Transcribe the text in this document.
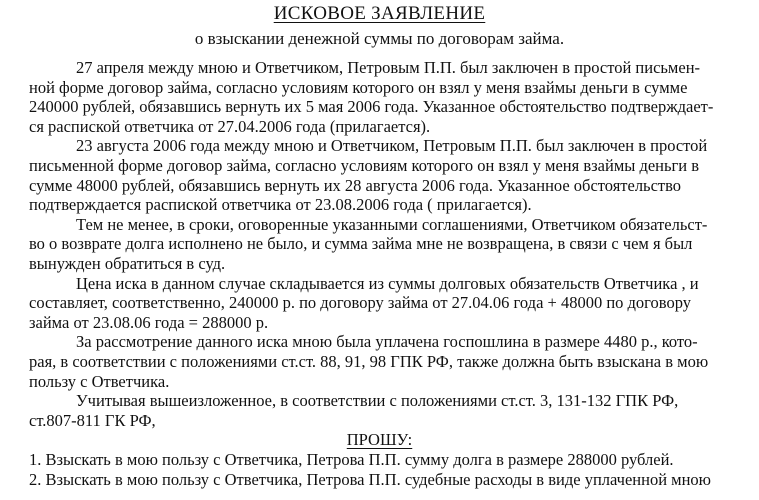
ИСКОВОЕ ЗАЯВЛЕНИЕ
о взыскании денежной суммы по договорам займа.
27 апреля между мною и Ответчиком, Петровым П.П. был заключен в простой письмен-
ной форме договор займа, согласно условиям которого он взял у меня взаймы деньги в сумме
240000 рублей, обязавшись вернуть их 5 мая 2006 года. Указанное обстоятельство подтверждает-
ся распиской ответчика от 27.04.2006 года (прилагается).
23 августа 2006 года между мною и Ответчиком, Петровым П.П. был заключен в простой
письменной форме договор займа, согласно условиям которого он взял у меня взаймы деньги в
сумме 48000 рублей, обязавшись вернуть их 28 августа 2006 года. Указанное обстоятельство
подтверждается распиской ответчика от 23.08.2006 года ( прилагается).
Тем не менее, в сроки, оговоренные указанными соглашениями, Ответчиком обязательст-
во о возврате долга исполнено не было, и сумма займа мне не возвращена, в связи с чем я был
вынужден обратиться в суд.
Цена иска в данном случае складывается из суммы долговых обязательств Ответчика , и
составляет, соответственно, 240000 р. по договору займа от 27.04.06 года + 48000 по договору
займа от 23.08.06 года = 288000 р.
За рассмотрение данного иска мною была уплачена госпошлина в размере 4480 р., кото-
рая, в соответствии с положениями ст.ст. 88, 91, 98 ГПК РФ, также должна быть взыскана в мою
пользу с Ответчика.
Учитывая вышеизложенное, в соответствии с положениями ст.ст. 3, 131-132 ГПК РФ,
ст.807-811 ГК РФ,
ПРОШУ:
1. Взыскать в мою пользу с Ответчика, Петрова П.П. сумму долга в размере 288000 рублей.
2. Взыскать в мою пользу с Ответчика, Петрова П.П. судебные расходы в виде уплаченной мною
